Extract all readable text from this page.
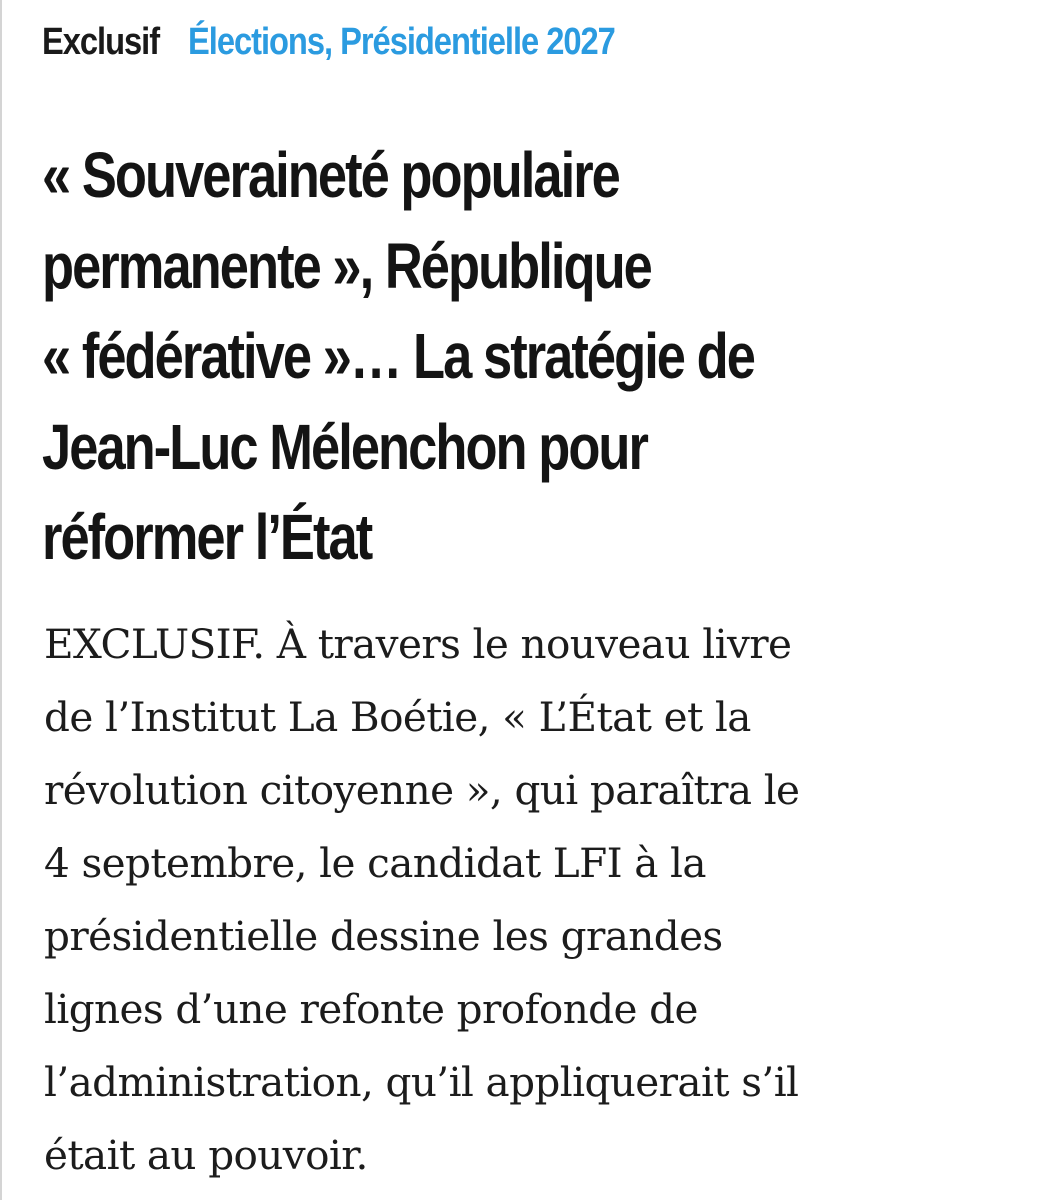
Exclusif Élections, Présidentielle 2027
« Souveraineté populaire
permanente », République
« fédérative »… La stratégie de
Jean-Luc Mélenchon pour
réformer l’État

EXCLUSIF. À travers le nouveau livre
de l’Institut La Boétie, « L’État et la
révolution citoyenne », qui paraîtra le
4 septembre, le candidat LFI à la
présidentielle dessine les grandes
lignes d’une refonte profonde de
l’administration, qu’il appliquerait s’il
était au pouvoir.
